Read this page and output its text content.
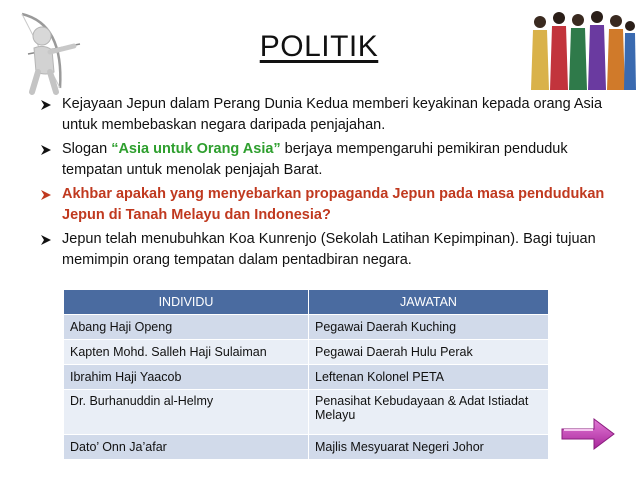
POLITIK
Kejayaan Jepun dalam Perang Dunia Kedua memberi keyakinan kepada orang Asia untuk membebaskan negara daripada penjajahan.
Slogan “Asia untuk Orang Asia” berjaya mempengaruhi pemikiran penduduk tempatan untuk menolak penjajah Barat.
Akhbar apakah yang menyebarkan propaganda Jepun pada masa pendudukan Jepun di Tanah Melayu dan Indonesia?
Jepun telah menubuhkan Koa Kunrenjo (Sekolah Latihan Kepimpinan). Bagi tujuan memimpin orang tempatan dalam pentadbiran negara.
INDIVIDU	JAWATAN
Abang Haji Openg	Pegawai Daerah Kuching
Kapten Mohd. Salleh Haji Sulaiman	Pegawai Daerah Hulu Perak
Ibrahim Haji Yaacob	Leftenan Kolonel PETA
Dr. Burhanuddin al-Helmy	Penasihat Kebudayaan & Adat Istiadat Melayu
Dato’ Onn Ja’afar	Majlis Mesyuarat Negeri Johor
